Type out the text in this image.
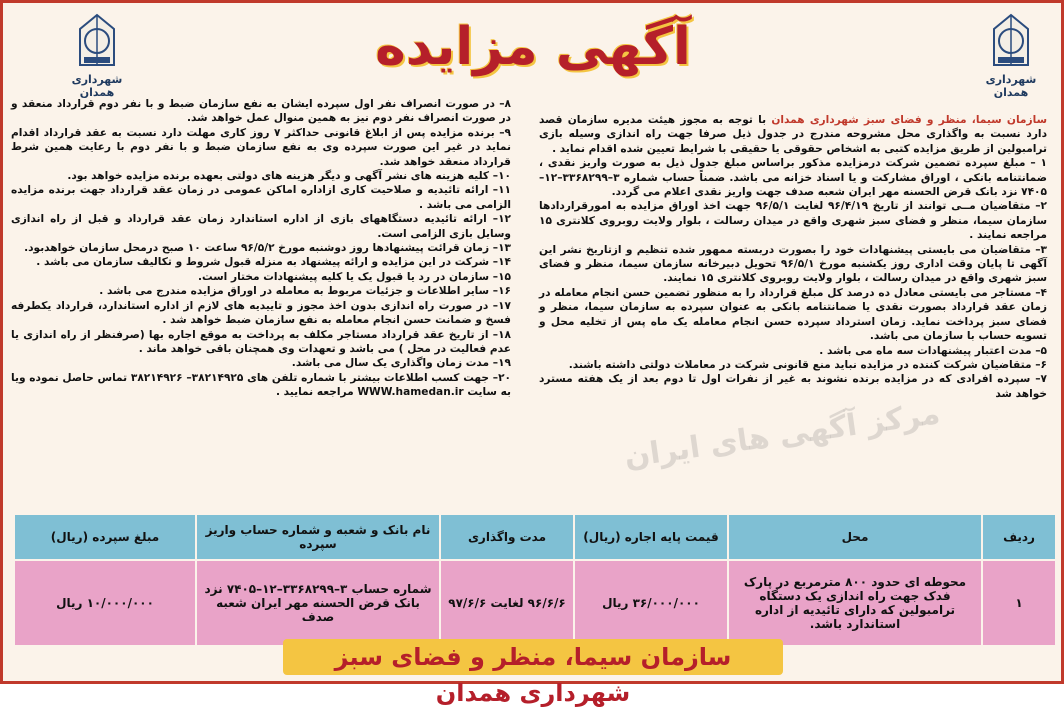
شهرداری همدان
شهرداری همدان
آگهی مزایده

سازمان سیما، منظر و فضای سبز شهرداری همدان با توجه به مجوز هیئت مدیره سازمان قصد دارد نسبت به واگذاری محل مشروحه مندرج در جدول ذیل صرفا جهت راه اندازی وسیله بازی ترامبولین از طریق مزایده کتبی به اشخاص حقوقی یا حقیقی با شرایط تعیین شده اقدام نماید .

۱ – مبلغ سپرده تضمین شرکت درمزایده مذکور براساس مبلغ جدول ذیل به صورت واریز نقدی ، ضمانتنامه بانکی ، اوراق مشارکت و یا اسناد خزانه می باشد. ضمناً حساب شماره ۳–۳۳۶۸۲۹۹–۱۲–۷۴۰۵ نزد بانک قرض الحسنه مهر ایران شعبه صدف جهت واریز نقدی اعلام می گردد.

۲– متقاضیان مــی توانند از تاریخ ۹۶/۴/۱۹ لغایت ۹۶/۵/۱ جهت اخذ اوراق مزایده به امورقراردادها سازمان سیما، منظر و فضای سبز شهری واقع در میدان رسالت ، بلوار ولایت روبروی کلانتری ۱۵ مراجعه نمایند .

۳– متقاضیان می بایستی پیشنهادات خود را بصورت دربسته ممهور شده تنظیم و ازتاریخ نشر این آگهی تا پایان وقت اداری روز یکشنبه مورخ ۹۶/۵/۱ تحویل دبیرخانه سازمان سیما، منظر و فضای سبز شهری واقع در میدان رسالت ، بلوار ولایت روبروی کلانتری ۱۵ نمایند.

۴– مستاجر می بایستی معادل ده درصد کل مبلغ قرارداد را به منظور تضمین حسن انجام معامله در زمان عقد قرارداد بصورت نقدی یا ضمانتنامه بانکی به عنوان سپرده به سازمان سیما، منظر و فضای سبز پرداخت نماید. زمان استرداد سپرده حسن انجام معامله یک ماه پس از تخلیه محل و تسویه حساب با سازمان می باشد.

۵– مدت اعتبار پیشنهادات سه ماه می باشد .

۶– متقاضیان شرکت کننده در مزایده نباید منع قانونی شرکت در معاملات دولتی داشته باشند.

۷– سپرده افرادی که در مزایده برنده نشوند به غیر از نفرات اول تا دوم بعد از یک هفته مسترد خواهد شد

۸– در صورت انصراف نفر اول سپرده ایشان به نفع سازمان ضبط و با نفر دوم قرارداد منعقد و در صورت انصراف نفر دوم نیز به همین منوال عمل خواهد شد.

۹– برنده مزایده پس از ابلاغ قانونی حداکثر ۷ روز کاری مهلت دارد نسبت به عقد قرارداد اقدام نماید در غیر این صورت سپرده وی به نفع سازمان ضبط و با نفر دوم با رعایت همین شرط قرارداد منعقد خواهد شد.

۱۰– کلیه هزینه های نشر آگهی و دیگر هزینه های دولتی بعهده برنده مزایده خواهد بود.

۱۱– ارائه تائیدیه و صلاحیت کاری ازاداره اماکن عمومی در زمان عقد قرارداد جهت برنده مزایده الزامی می باشد .

۱۲– ارائه تائیدیه دستگاههای بازی از اداره استاندارد زمان عقد قرارداد و قبل از راه اندازی وسایل بازی الزامی است.

۱۳– زمان قرائت پیشنهادها روز دوشنبه مورخ ۹۶/۵/۲ ساعت ۱۰ صبح درمحل سازمان خواهدبود.

۱۴– شرکت در این مزایده و ارائه پیشنهاد به منزله قبول شروط و تکالیف سازمان می باشد .

۱۵– سازمان در رد یا قبول یک یا کلیه پیشنهادات مختار است.

۱۶– سایر اطلاعات و جزئیات مربوط به معامله در اوراق مزایده مندرج می باشد .

۱۷– در صورت راه اندازی بدون اخذ مجوز و تاییدیه های لازم از اداره استاندارد، قرارداد یکطرفه فسخ و ضمانت حسن انجام معامله به نفع سازمان ضبط خواهد شد .

۱۸– از تاریخ عقد قرارداد مستاجر مکلف به پرداخت به موقع اجاره بها (صرفنظر از راه اندازی یا عدم فعالیت در محل ) می باشد و تعهدات وی همچنان باقی خواهد ماند .

۱۹– مدت زمان واگذاری یک سال می باشد.

۲۰– جهت کسب اطلاعات بیشتر با شماره تلفن های ۳۸۲۱۴۹۲۵– ۳۸۲۱۴۹۲۶ تماس حاصل نموده ویا به سایت WWW.hamedan.ir مراجعه نمایید .

مرکز آگهی های ایران
ردیف	محل	قیمت پایه اجاره (ریال)	مدت واگذاری	نام بانک و شعبه و شماره حساب واریز سپرده	مبلغ سپرده (ریال)
۱	محوطه ای حدود ۸۰۰ مترمربع در پارک فدک جهت راه اندازی یک دستگاه ترامبولین که دارای تائیدیه از اداره استاندارد باشد.	۳۶/۰۰۰/۰۰۰ ریال	۹۶/۶/۶ لغایت ۹۷/۶/۶	شماره حساب ۳–۳۳۶۸۲۹۹–۱۲–۷۴۰۵ نزد بانک قرض الحسنه مهر ایران شعبه صدف	۱۰/۰۰۰/۰۰۰ ریال
سازمان سیما، منظر و فضای سبز شهرداری همدان
